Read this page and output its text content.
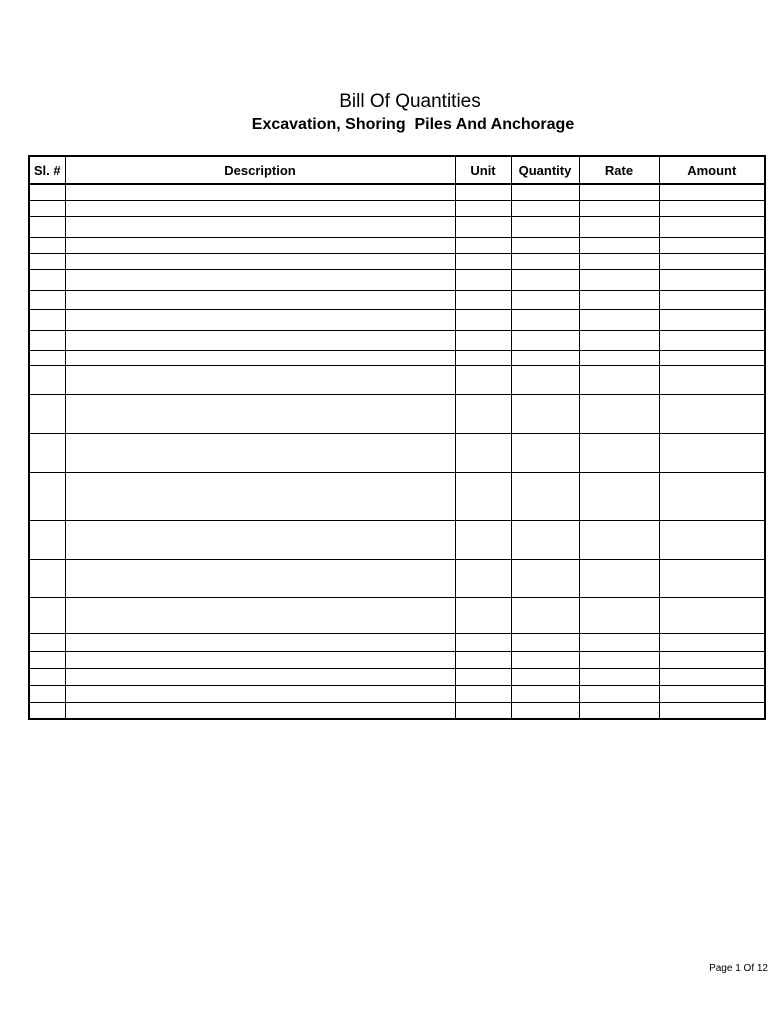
Bill Of Quantities
Excavation, Shoring  Piles And Anchorage
Sl. #	Description	Unit	Quantity	Rate	Amount

Page 1 Of 12
